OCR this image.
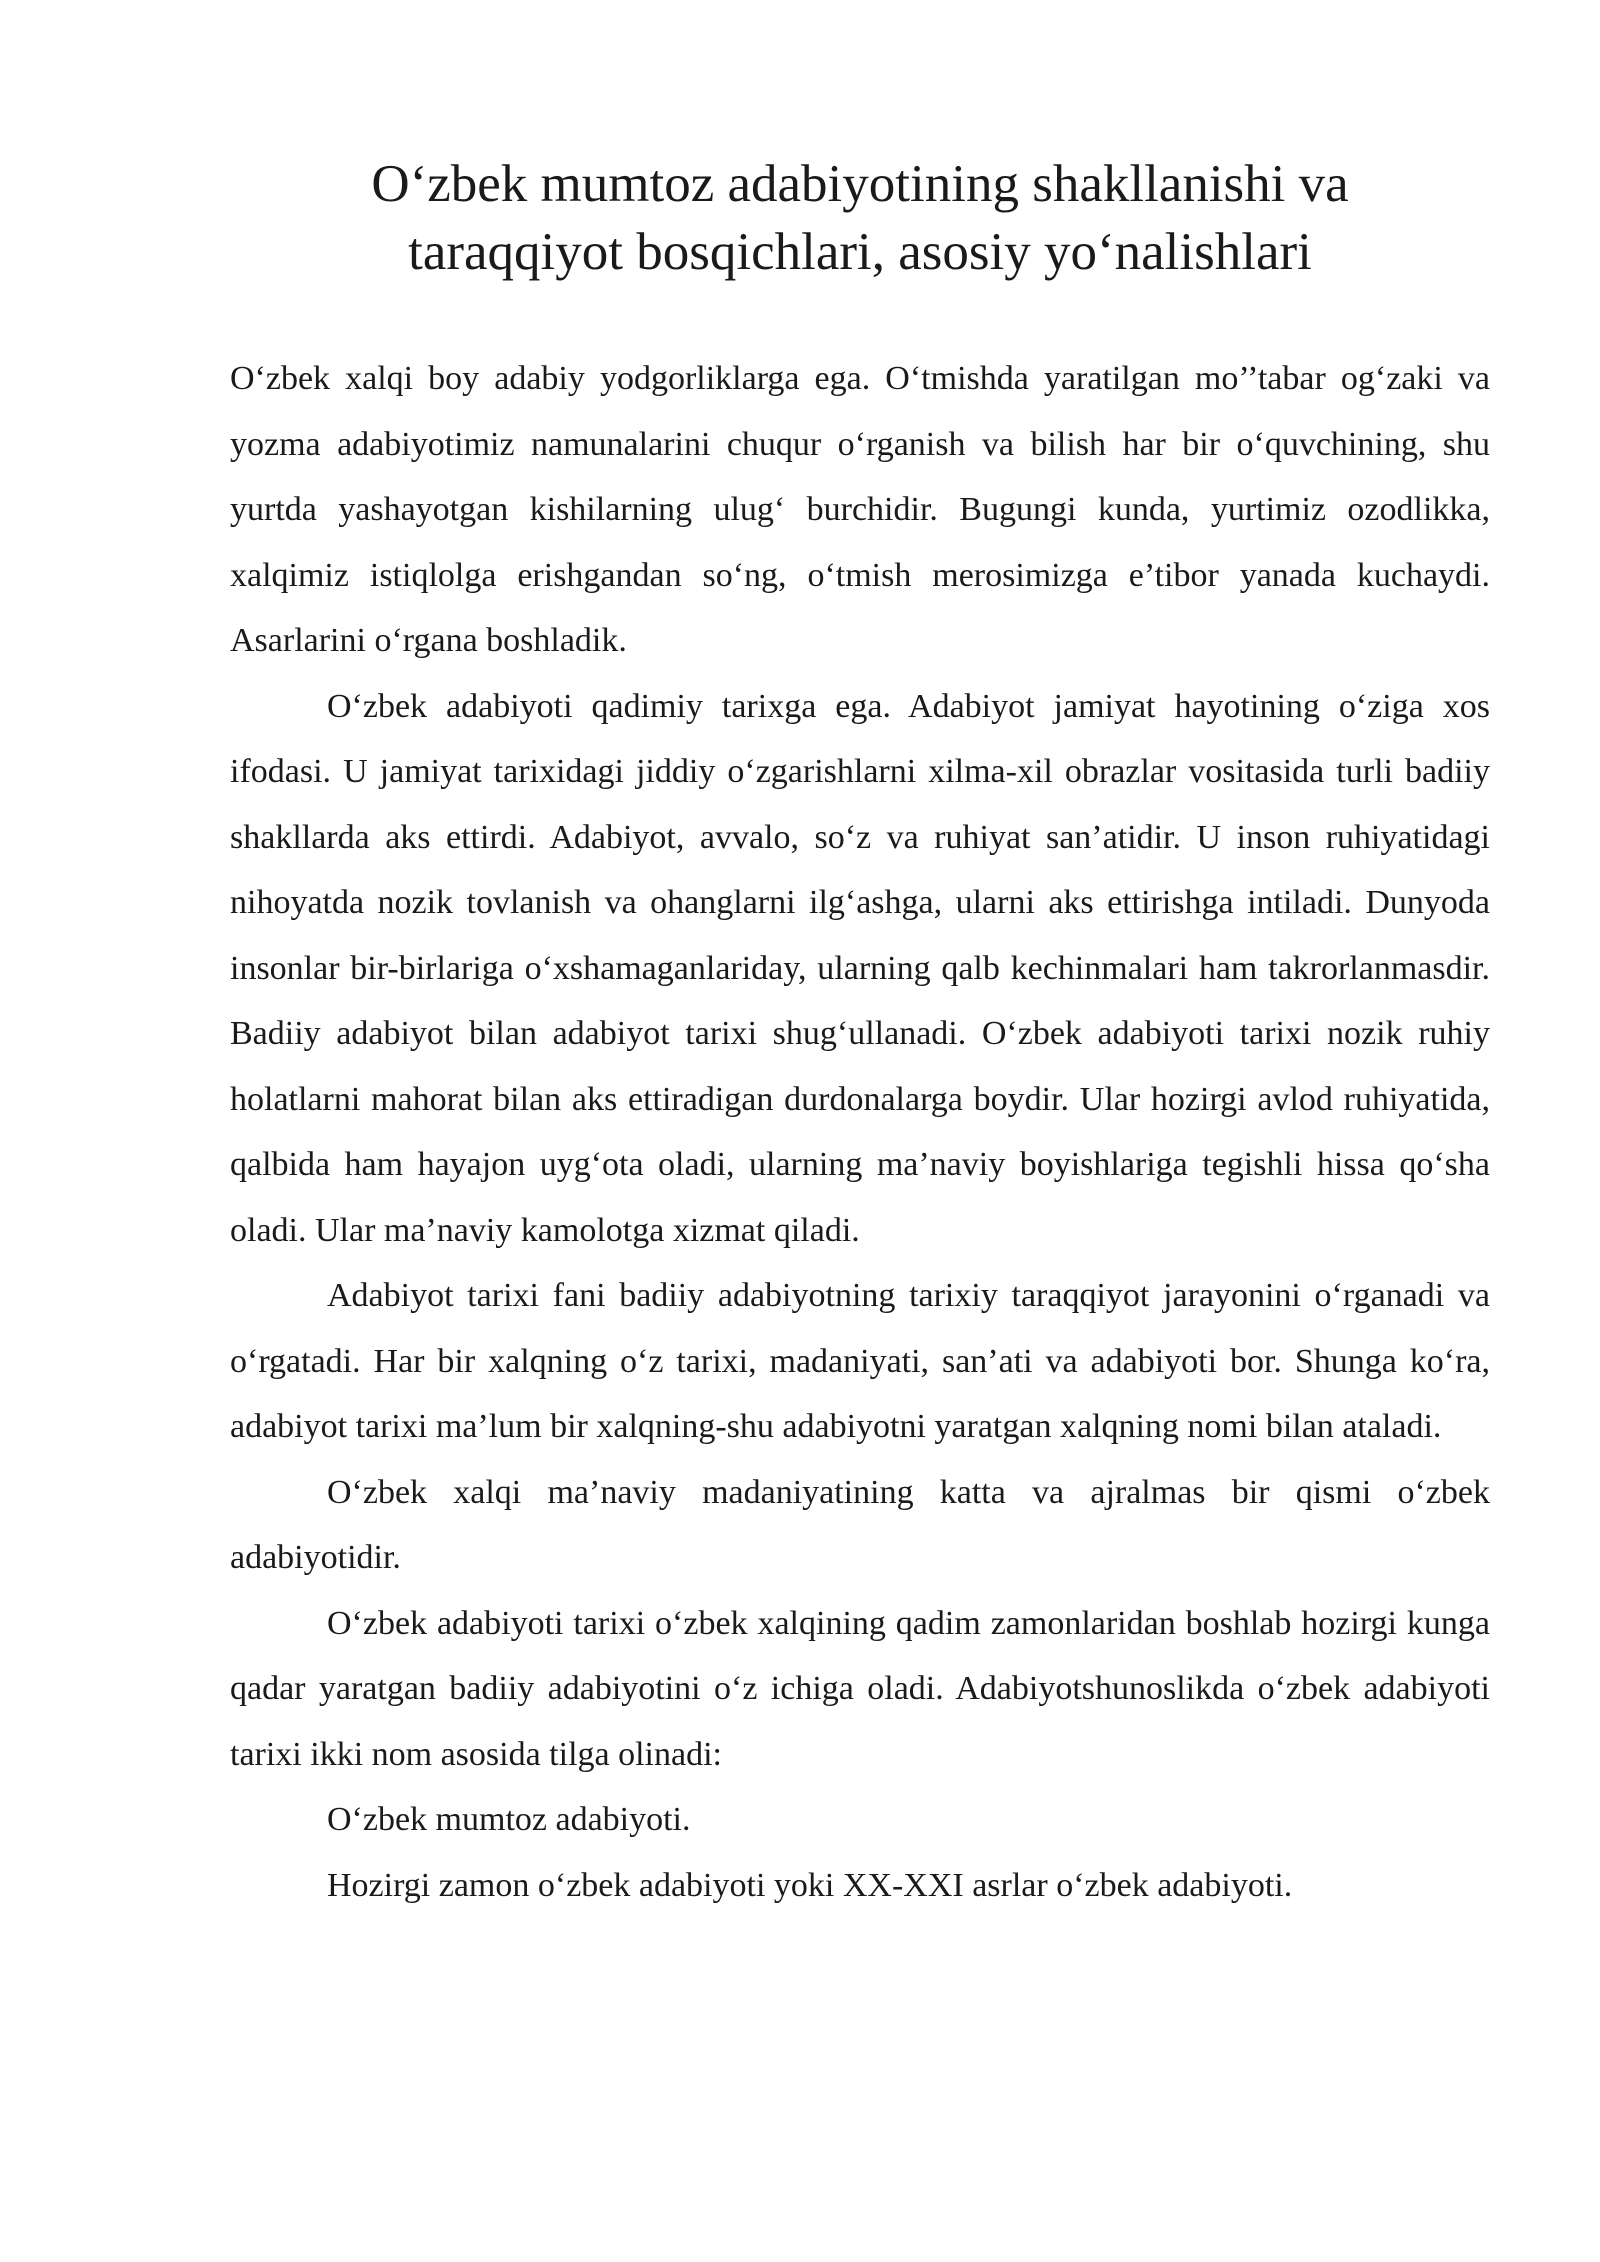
O‘zbek mumtoz adabiyotining shakllanishi va
taraqqiyot bosqichlari, asosiy yo‘nalishlari

O‘zbek xalqi boy adabiy yodgorliklarga ega. O‘tmishda yaratilgan mo’’tabar og‘zaki va yozma adabiyotimiz namunalarini chuqur o‘rganish va bilish har bir o‘quvchining, shu yurtda yashayotgan kishilarning ulug‘ burchidir. Bugungi kunda, yurtimiz ozodlikka, xalqimiz istiqlolga erishgandan so‘ng, o‘tmish merosimizga e’tibor yanada kuchaydi. Asarlarini o‘rgana boshladik.

O‘zbek adabiyoti qadimiy tarixga ega. Adabiyot jamiyat hayotining o‘ziga xos ifodasi. U jamiyat tarixidagi jiddiy o‘zgarishlarni xilma-xil obrazlar vositasida turli badiiy shakllarda aks ettirdi. Adabiyot, avvalo, so‘z va ruhiyat san’atidir. U inson ruhiyatidagi nihoyatda nozik tovlanish va ohanglarni ilg‘ashga, ularni aks ettirishga intiladi. Dunyoda insonlar bir-birlariga o‘xshamaganlariday, ularning qalb kechinmalari ham takrorlanmasdir. Badiiy adabiyot bilan adabiyot tarixi shug‘ullanadi. O‘zbek adabiyoti tarixi nozik ruhiy holatlarni mahorat bilan aks ettiradigan durdonalarga boydir. Ular hozirgi avlod ruhiyatida, qalbida ham hayajon uyg‘ota oladi, ularning ma’naviy boyishlariga tegishli hissa qo‘sha oladi. Ular ma’naviy kamolotga xizmat qiladi.

Adabiyot tarixi fani badiiy adabiyotning tarixiy taraqqiyot jarayonini o‘rganadi va o‘rgatadi. Har bir xalqning o‘z tarixi, madaniyati, san’ati va adabiyoti bor. Shunga ko‘ra, adabiyot tarixi ma’lum bir xalqning-shu adabiyotni yaratgan xalqning nomi bilan ataladi.

O‘zbek xalqi ma’naviy madaniyatining katta va ajralmas bir qismi o‘zbek adabiyotidir.

O‘zbek adabiyoti tarixi o‘zbek xalqining qadim zamonlaridan boshlab hozirgi kunga qadar yaratgan badiiy adabiyotini o‘z ichiga oladi. Adabiyotshunoslikda o‘zbek adabiyoti tarixi ikki nom asosida tilga olinadi:

O‘zbek mumtoz adabiyoti.

Hozirgi zamon o‘zbek adabiyoti yoki XX-XXI asrlar o‘zbek adabiyoti.
